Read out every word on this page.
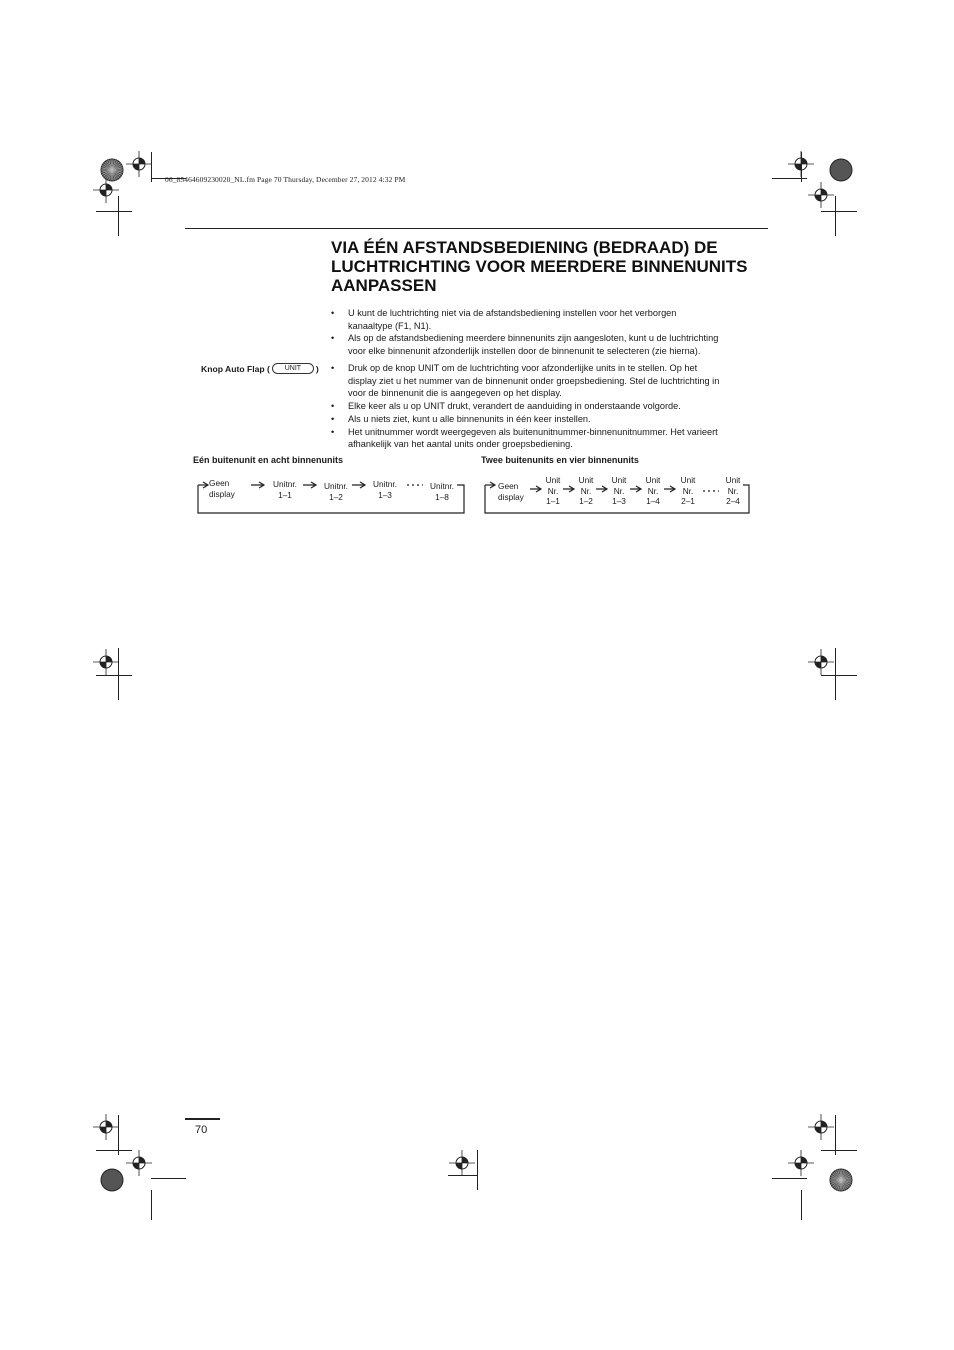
06_85464609230020_NL.fm Page 70 Thursday, December 27, 2012 4:32 PM
VIA ÉÉN AFSTANDSBEDIENING (BEDRAAD) DE
LUCHTRICHTING VOOR MEERDERE BINNENUNITS
AANPASSEN
• U kunt de luchtrichting niet via de afstandsbediening instellen voor het verborgen
kanaaltype (F1, N1).
• Als op de afstandsbediening meerdere binnenunits zijn aangesloten, kunt u de luchtrichting
voor elke binnenunit afzonderlijk instellen door de binnenunit te selecteren (zie hierna).
Knop Auto Flap (	UNIT	) • Druk op de knop UNIT om de luchtrichting voor afzonderlijke units in te stellen. Op het
display ziet u het nummer van de binnenunit onder groepsbediening. Stel de luchtrichting in
voor de binnenunit die is aangegeven op het display.
• Elke keer als u op UNIT drukt, verandert de aanduiding in onderstaande volgorde.
• Als u niets ziet, kunt u alle binnenunits in één keer instellen.
• Het unitnummer wordt weergegeven als buitenunitnummer-binnenunitnummer. Het varieert
afhankelijk van het aantal units onder groepsbediening.
Eén buitenunit en acht binnenunits	Twee buitenunits en vier binnenunits
Geen
display
Unitnr.
1–1
Unitnr.
1–2
Unitnr.
1–3
Unitnr.
1–8
Geen
display
Unit
Nr.
1–1
Unit
Nr.
1–2
Unit
Nr.
1–3
Unit
Nr.
1–4
Unit
Nr.
2–1
Unit
Nr.
2–4
70
